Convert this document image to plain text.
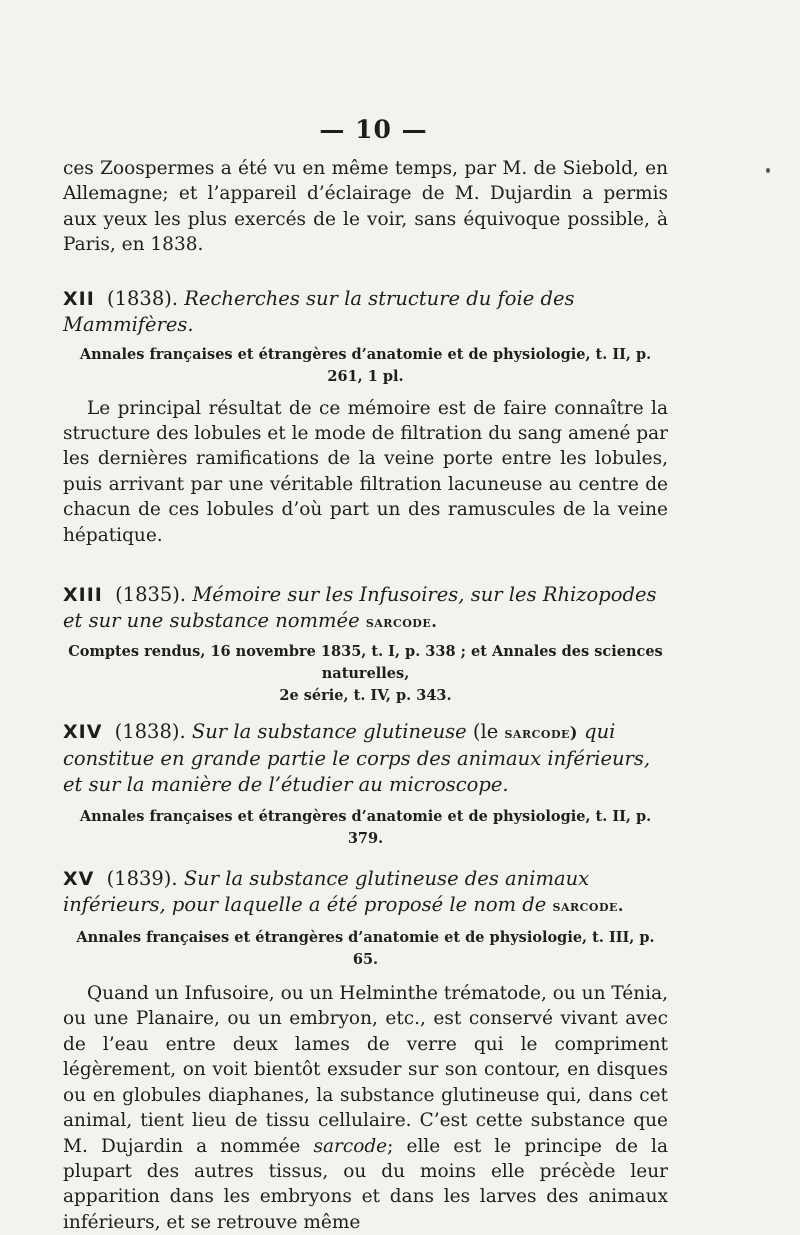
— 10 —

ces Zoospermes a été vu en même temps, par M. de Siebold, en Allemagne; et l’appareil d’éclairage de M. Dujardin a permis aux yeux les plus exercés de le voir, sans équivoque possible, à Paris, en 1838.

XII (1838). Recherches sur la structure du foie des Mammifères.

Annales françaises et étrangères d’anatomie et de physiologie, t. II, p. 261, 1 pl.

Le principal résultat de ce mémoire est de faire connaître la structure des lobules et le mode de filtration du sang amené par les dernières ramifications de la veine porte entre les lobules, puis arrivant par une véritable filtration lacuneuse au centre de chacun de ces lobules d’où part un des ramuscules de la veine hépatique.

XIII (1835). Mémoire sur les Infusoires, sur les Rhizopodes et sur une substance nommée sarcode.

Comptes rendus, 16 novembre 1835, t. I, p. 338 ; et Annales des sciences naturelles,

2e série, t. IV, p. 343.

XIV (1838). Sur la substance glutineuse (le sarcode) qui constitue en grande partie le corps des animaux inférieurs, et sur la manière de l’étudier au microscope.

Annales françaises et étrangères d’anatomie et de physiologie, t. II, p. 379.

XV (1839). Sur la substance glutineuse des animaux inférieurs, pour laquelle a été proposé le nom de sarcode.

Annales françaises et étrangères d’anatomie et de physiologie, t. III, p. 65.

Quand un Infusoire, ou un Helminthe trématode, ou un Ténia, ou une Planaire, ou un embryon, etc., est conservé vivant avec de l’eau entre deux lames de verre qui le compriment légèrement, on voit bientôt exsuder sur son contour, en disques ou en globules diaphanes, la substance glutineuse qui, dans cet animal, tient lieu de tissu cellulaire. C’est cette substance que M. Dujardin a nommée sarcode; elle est le principe de la plupart des autres tissus, ou du moins elle précède leur apparition dans les embryons et dans les larves des animaux inférieurs, et se retrouve même
